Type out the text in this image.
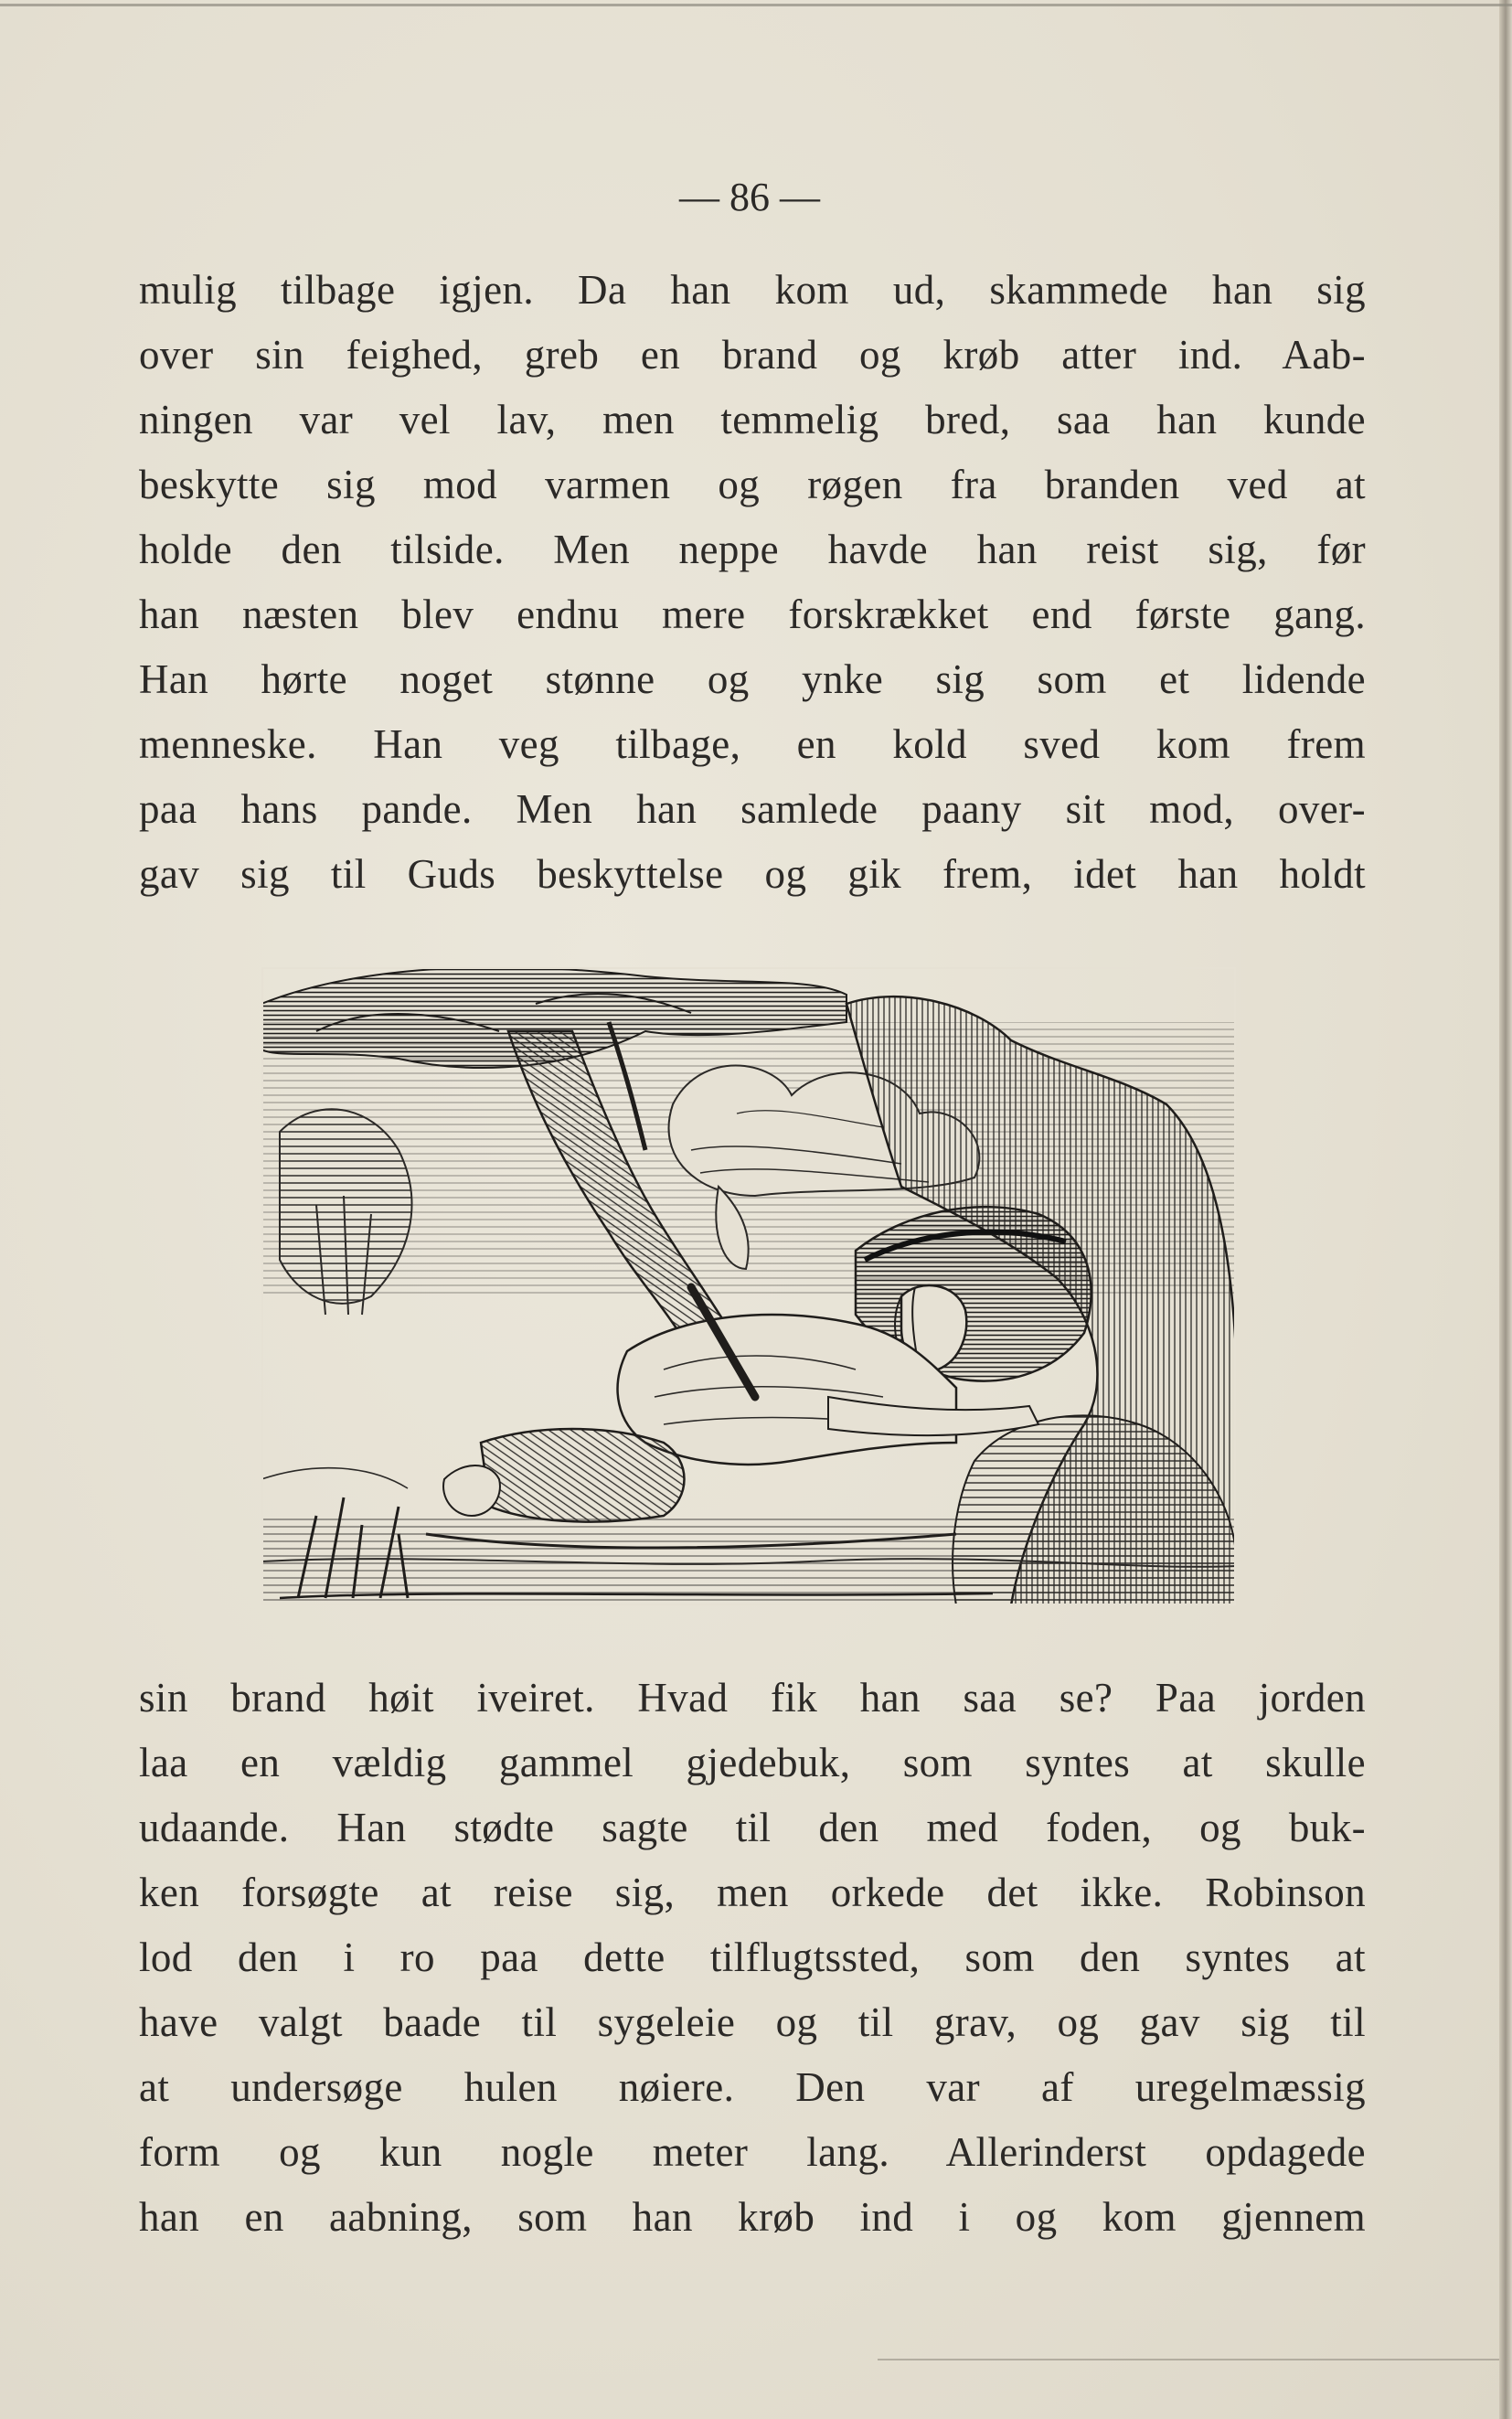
— 86 —
mulig tilbage igjen. Da han kom ud, skammede han sig
over sin feighed, greb en brand og krøb atter ind. Aab-
ningen var vel lav, men temmelig bred, saa han kunde
beskytte sig mod varmen og røgen fra branden ved at
holde den tilside. Men neppe havde han reist sig, før
han næsten blev endnu mere forskrækket end første gang.
Han hørte noget stønne og ynke sig som et lidende
menneske. Han veg tilbage, en kold sved kom frem
paa hans pande. Men han samlede paany sit mod, over-
gav sig til Guds beskyttelse og gik frem, idet han holdt
sin brand høit iveiret. Hvad fik han saa se? Paa jorden
laa en vældig gammel gjedebuk, som syntes at skulle
udaande. Han stødte sagte til den med foden, og buk-
ken forsøgte at reise sig, men orkede det ikke. Robinson
lod den i ro paa dette tilflugtssted, som den syntes at
have valgt baade til sygeleie og til grav, og gav sig til
at undersøge hulen nøiere. Den var af uregelmæssig
form og kun nogle meter lang. Allerinderst opdagede
han en aabning, som han krøb ind i og kom gjennem
